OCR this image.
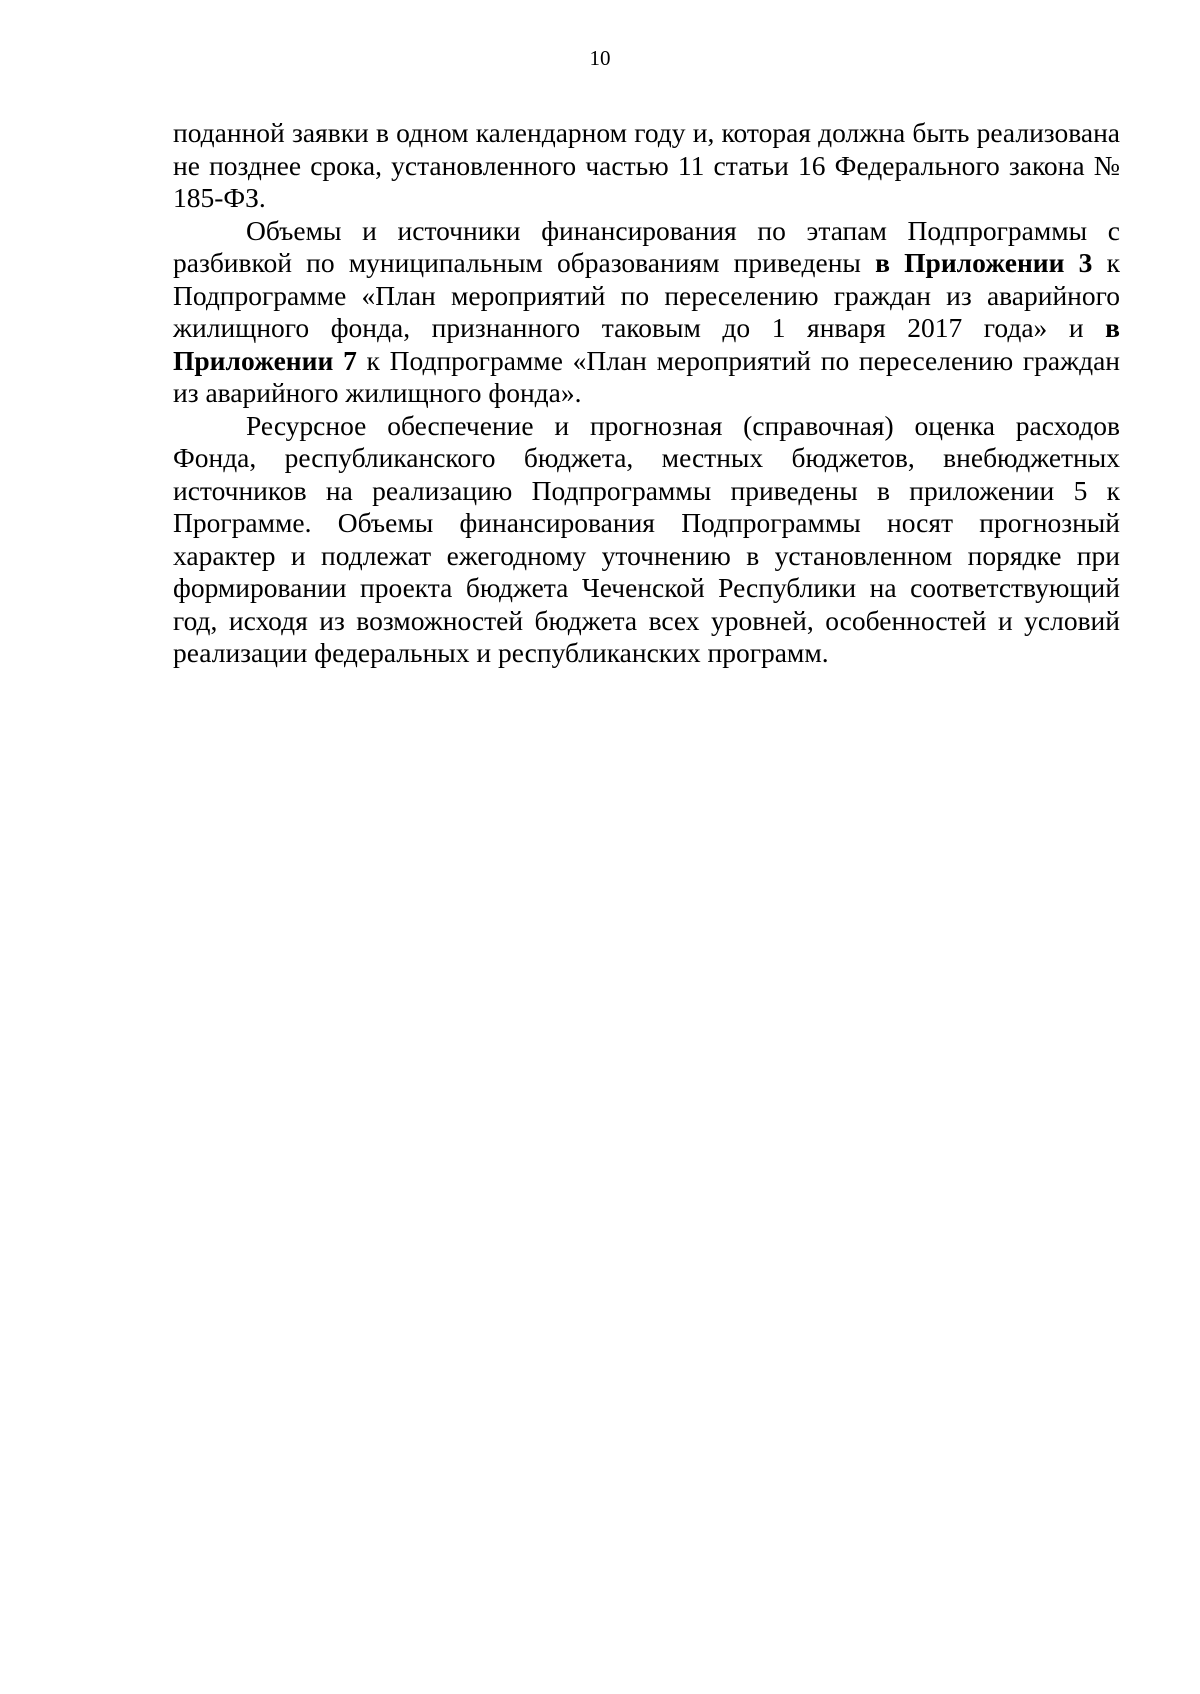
10

поданной заявки в одном календарном году и, которая должна быть реализована не позднее срока, установленного частью 11 статьи 16 Федерального закона № 185-ФЗ.

Объемы и источники финансирования по этапам Подпрограммы с разбивкой по муниципальным образованиям приведены в Приложении 3 к Подпрограмме «План мероприятий по переселению граждан из аварийного жилищного фонда, признанного таковым до 1 января 2017 года» и в Приложении 7 к Подпрограмме «План мероприятий по переселению граждан из аварийного жилищного фонда».

Ресурсное обеспечение и прогнозная (справочная) оценка расходов Фонда, республиканского бюджета, местных бюджетов, внебюджетных источников на реализацию Подпрограммы приведены в приложении 5 к Программе. Объемы финансирования Подпрограммы носят прогнозный характер и подлежат ежегодному уточнению в установленном порядке при формировании проекта бюджета Чеченской Республики на соответствующий год, исходя из возможностей бюджета всех уровней, особенностей и условий реализации федеральных и республиканских программ.
